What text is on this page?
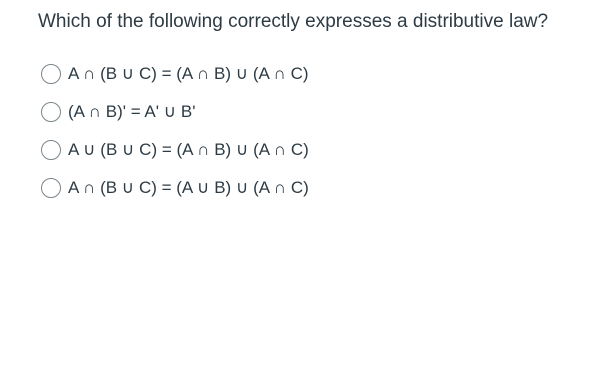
Which of the following correctly expresses a distributive law?
A ∩ (B ∪ C) = (A ∩ B) ∪ (A ∩ C)
(A ∩ B)' = A' ∪ B'
A ∪ (B ∪ C) = (A ∩ B) ∪ (A ∩ C)
A ∩ (B ∪ C) = (A ∪ B) ∪ (A ∩ C)
